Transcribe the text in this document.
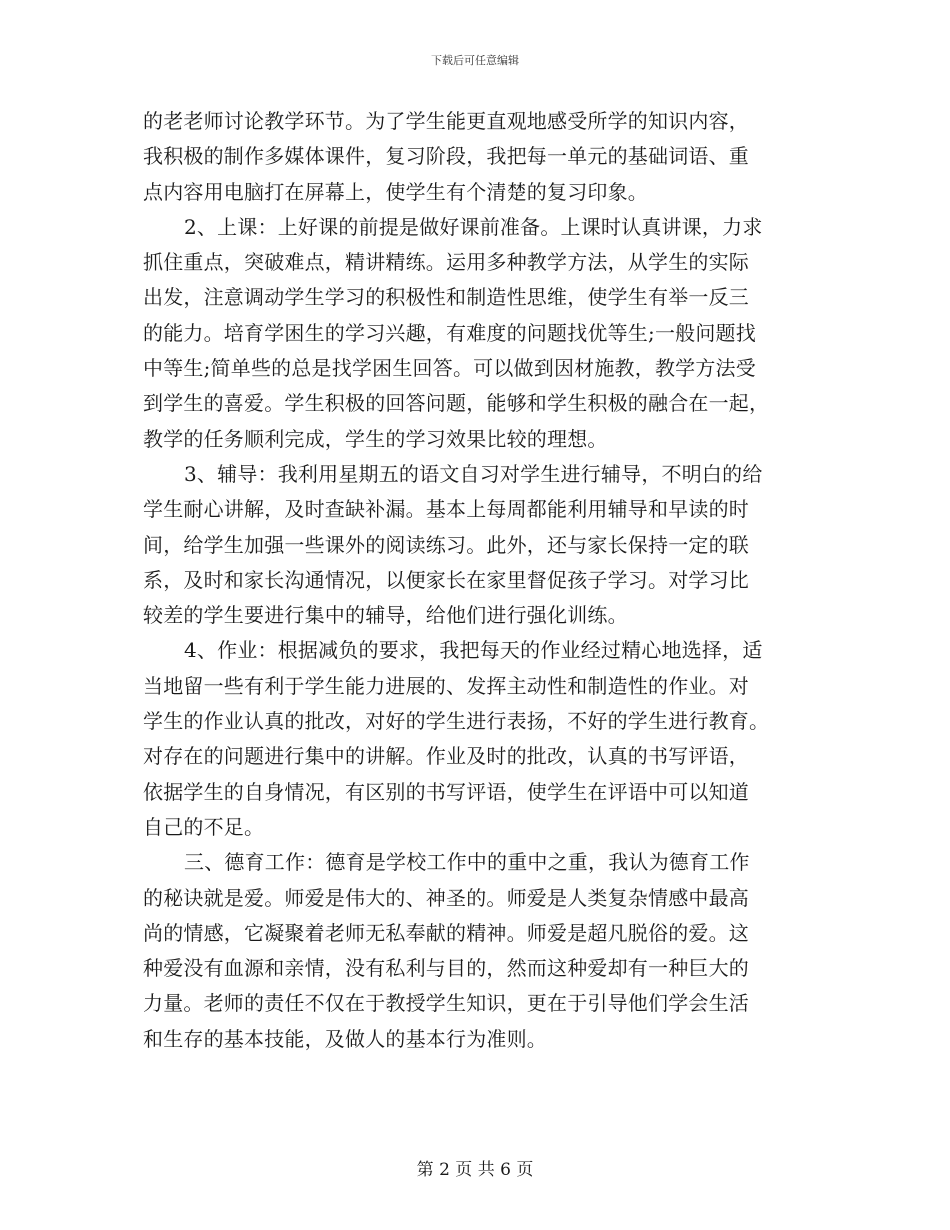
下载后可任意编辑
的老老师讨论教学环节。为了学生能更直观地感受所学的知识内容，
我积极的制作多媒体课件，复习阶段，我把每一单元的基础词语、重
点内容用电脑打在屏幕上，使学生有个清楚的复习印象。
2、上课：上好课的前提是做好课前准备。上课时认真讲课，力求
抓住重点，突破难点，精讲精练。运用多种教学方法，从学生的实际
出发，注意调动学生学习的积极性和制造性思维，使学生有举一反三
的能力。培育学困生的学习兴趣，有难度的问题找优等生;一般问题找
中等生;简单些的总是找学困生回答。可以做到因材施教，教学方法受
到学生的喜爱。学生积极的回答问题，能够和学生积极的融合在一起，
教学的任务顺利完成，学生的学习效果比较的理想。
3、辅导：我利用星期五的语文自习对学生进行辅导，不明白的给
学生耐心讲解，及时查缺补漏。基本上每周都能利用辅导和早读的时
间，给学生加强一些课外的阅读练习。此外，还与家长保持一定的联
系，及时和家长沟通情况，以便家长在家里督促孩子学习。对学习比
较差的学生要进行集中的辅导，给他们进行强化训练。
4、作业：根据减负的要求，我把每天的作业经过精心地选择，适
当地留一些有利于学生能力进展的、发挥主动性和制造性的作业。对
学生的作业认真的批改，对好的学生进行表扬，不好的学生进行教育。
对存在的问题进行集中的讲解。作业及时的批改，认真的书写评语，
依据学生的自身情况，有区别的书写评语，使学生在评语中可以知道
自己的不足。
三、德育工作：德育是学校工作中的重中之重，我认为德育工作
的秘诀就是爱。师爱是伟大的、神圣的。师爱是人类复杂情感中最高
尚的情感，它凝聚着老师无私奉献的精神。师爱是超凡脱俗的爱。这
种爱没有血源和亲情，没有私利与目的，然而这种爱却有一种巨大的
力量。老师的责任不仅在于教授学生知识，更在于引导他们学会生活
和生存的基本技能，及做人的基本行为准则。
第 2 页 共 6 页
